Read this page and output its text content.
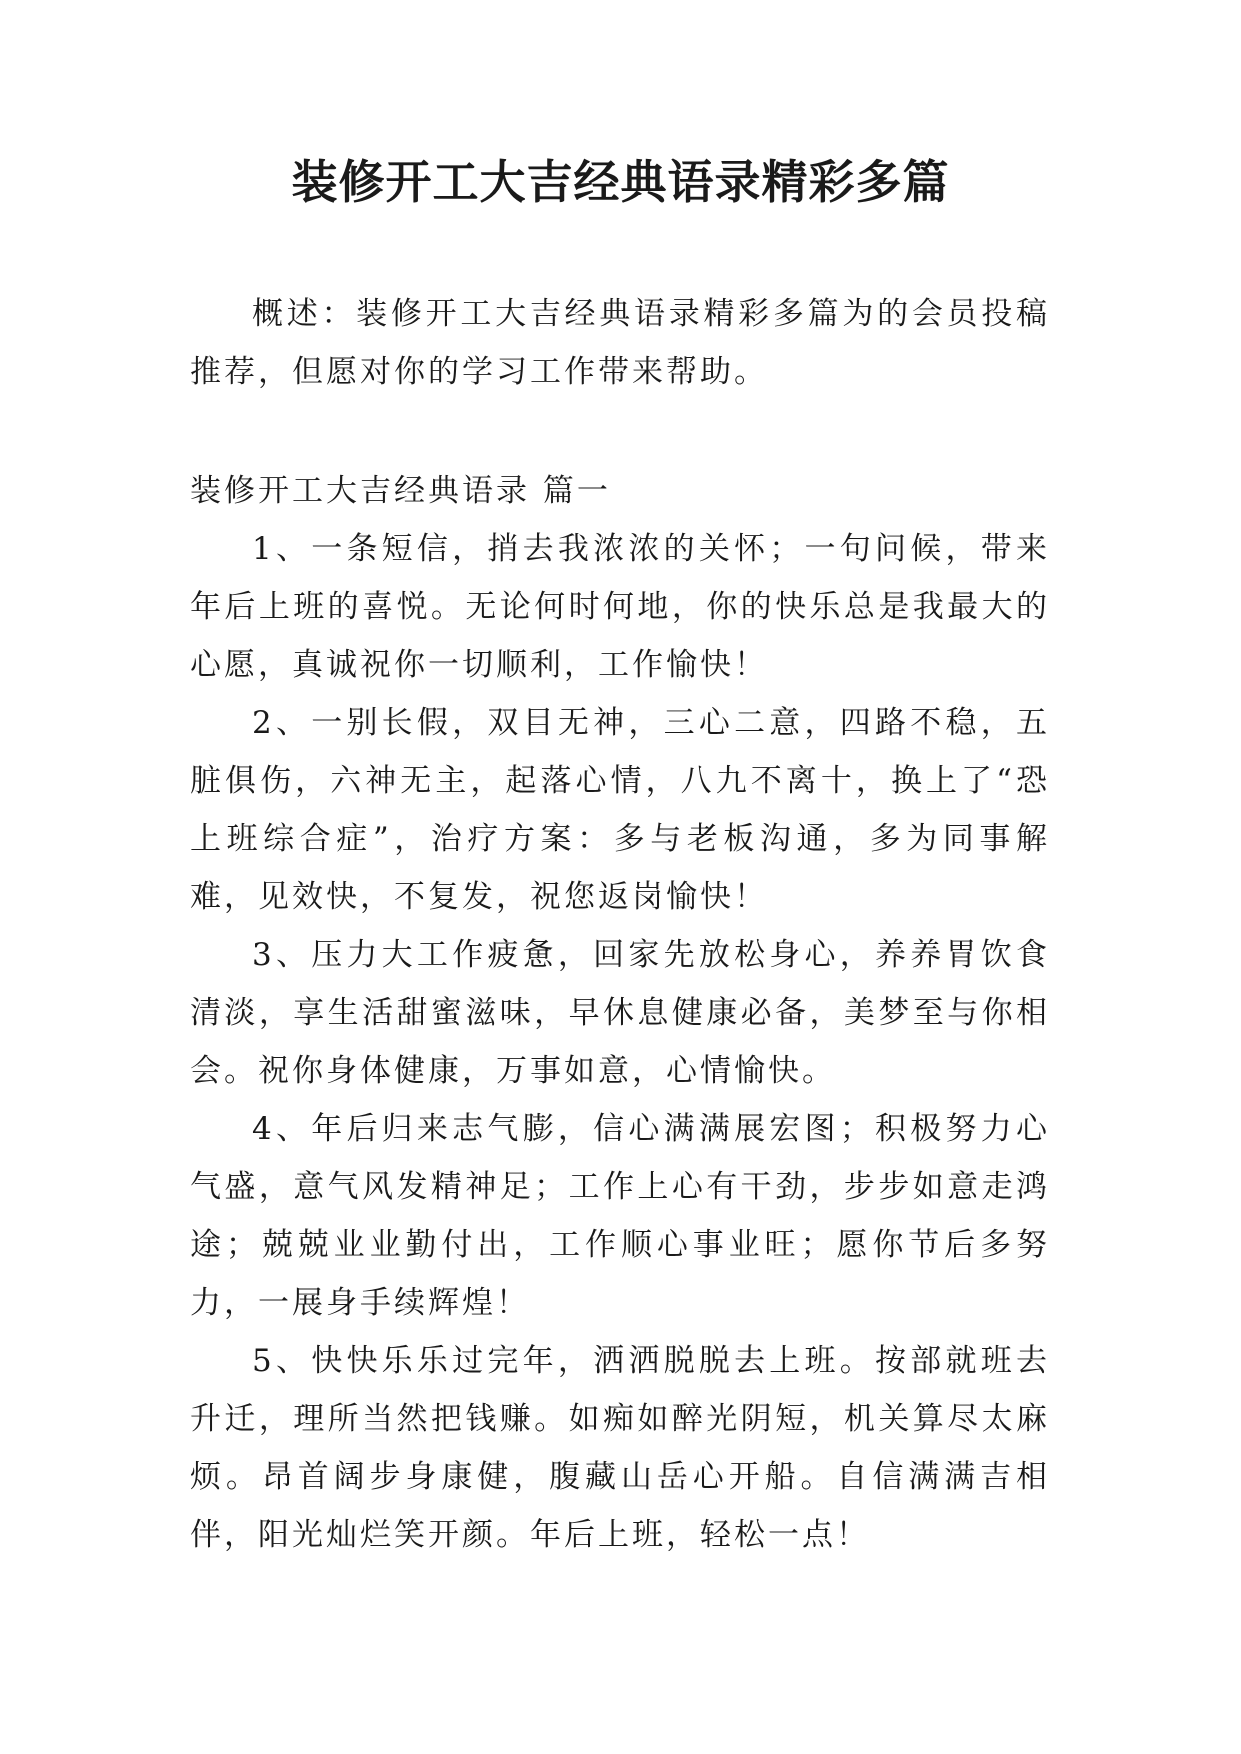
装修开工大吉经典语录精彩多篇

概述：装修开工大吉经典语录精彩多篇为的会员投稿推荐，但愿对你的学习工作带来帮助。

装修开工大吉经典语录 篇一

1、一条短信，捎去我浓浓的关怀；一句问候，带来年后上班的喜悦。无论何时何地，你的快乐总是我最大的心愿，真诚祝你一切顺利，工作愉快！
2、一别长假，双目无神，三心二意，四路不稳，五脏俱伤，六神无主，起落心情，八九不离十，换上了“恐上班综合症”，治疗方案：多与老板沟通，多为同事解难，见效快，不复发，祝您返岗愉快！
3、压力大工作疲惫，回家先放松身心，养养胃饮食清淡，享生活甜蜜滋味，早休息健康必备，美梦至与你相会。祝你身体健康，万事如意，心情愉快。
4、年后归来志气膨，信心满满展宏图；积极努力心气盛，意气风发精神足；工作上心有干劲，步步如意走鸿途；兢兢业业勤付出，工作顺心事业旺；愿你节后多努力，一展身手续辉煌！
5、快快乐乐过完年，洒洒脱脱去上班。按部就班去升迁，理所当然把钱赚。如痴如醉光阴短，机关算尽太麻烦。昂首阔步身康健，腹藏山岳心开船。自信满满吉相伴，阳光灿烂笑开颜。年后上班，轻松一点！
